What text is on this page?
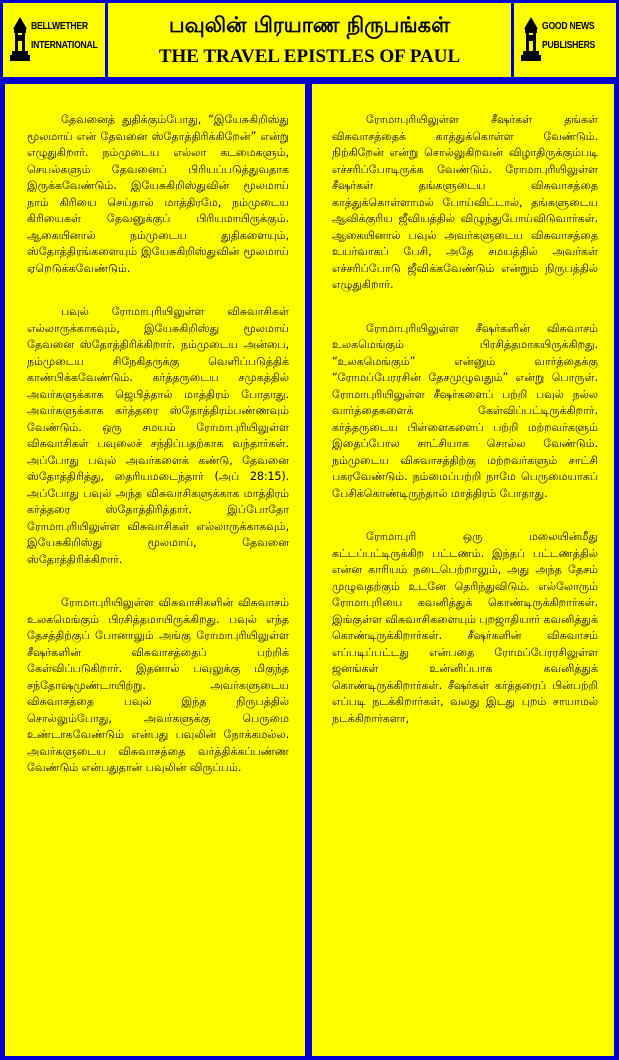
BELLWETHER
INTERNATIONAL
பவுலின் பிரயாண நிருபங்கள்
THE TRAVEL EPISTLES OF PAUL
GOOD NEWS
PUBLISHERS

தேவனைத் துதிக்கும்போது, “இயேசுகிறிஸ்து மூலமாய் என் தேவனை ஸ்தோத்திரிக்கிறேன்” என்று எழுதுகிறார். நம்முடைய எல்லா கடமைகளும், செயல்களும் தேவனைப் பிரியப்படுத்துவதாக இருக்கவேண்டும். இயேசுகிறிஸ்துவின் மூலமாய் நாம் கிரியை செய்தால் மாத்திரமே, நம்முடைய கிரியைகள் தேவனுக்குப் பிரியமாயிருக்கும். ஆகையினால் நம்முடைய துதிகளையும், ஸ்தோத்திரங்களையும் இயேசுகிறிஸ்துவின் மூலமாய் ஏறெடுக்கவேண்டும்.

பவுல் ரோமாபுரியிலுள்ள விசுவாசிகள் எல்லாருக்காகவும், இயேசுகிறிஸ்து மூலமாய் தேவனை ஸ்தோத்திரிக்கிறார். நம்முடைய அன்பை, நம்முடைய சிநேகிதருக்கு வெளிப்படுத்திக் காண்பிக்கவேண்டும். கர்த்தருடைய சமுகத்தில் அவர்களுக்காக ஜெபித்தால் மாத்திரம் போதாது. அவர்களுக்காக கர்த்தரை ஸ்தோத்திரம்பண்ணவும் வேண்டும். ஒரு சமயம் ரோமாபுரியிலுள்ள விசுவாசிகள் பவுலைச் சந்திப்பதற்காக வந்தார்கள். அப்போது பவுல் அவர்களைக் கண்டு, தேவனை ஸ்தோத்திரித்து, தைரியமடைந்தார் (அப் 28:15). அப்போது பவுல் அந்த விசுவாசிகளுக்காக மாத்திரம் கர்த்தரை ஸ்தோத்திரித்தார். இப்போதோ ரோமாபுரியிலுள்ள விசுவாசிகள் எல்லாருக்காகவும், இயேசுகிறிஸ்து மூலமாய், தேவனை ஸ்தோத்திரிக்கிறார்.

ரோமாபுரியிலுள்ள விசுவாசிகளின் விசுவாசம் உலகமெங்கும் பிரசித்தமாயிருக்கிறது. பவுல் எந்த தேசத்திற்குப் போனாலும் அங்கு ரோமாபுரியிலுள்ள சீஷர்களின் விசுவாசத்தைப் பற்றிக் கேள்விப்படுகிறார். இதனால் பவுலுக்கு மிகுந்த சந்தோஷமுண்டாயிற்று. அவர்களுடைய விசுவாசத்தை பவுல் இந்த நிருபத்தில் சொல்லும்போது, அவர்களுக்கு பெருமை உண்டாகவேண்டும் என்பது பவுலின் நோக்கமல்ல. அவர்களுடைய விசுவாசத்தை வர்த்திக்கப்பண்ண வேண்டும் என்பதுதான் பவுலின் விருப்பம்.

ரோமாபுரியிலுள்ள சீஷர்கள் தங்கள் விசுவாசத்தைக் காத்துக்கொள்ள வேண்டும். நிற்கிறேன் என்று சொல்லுகிறவன் விழாதிருக்கும்படி எச்சரிப்போடிருக்க வேண்டும். ரோமாபுரியிலுள்ள சீஷர்கள் தங்களுடைய விசுவாசத்தை காத்துக்கொள்ளாமல் போய்விட்டால், தங்களுடைய ஆவிக்குரிய ஜீவியத்தில் விழுந்துபோய்விடுவார்கள். ஆகையினால் பவுல் அவர்களுடைய விசுவாசத்தை உயர்வாகப் பேசி, அதே சமயத்தில் அவர்கள் எச்சரிப்போடு ஜீவிக்கவேண்டும் என்றும் நிருபத்தில் எழுதுகிறார்.

ரோமாபுரியிலுள்ள சீஷர்களின் விசுவாசம் உலகமெங்கும் பிரசித்தமாகயிருக்கிறது. “உலகமெங்கும்” என்னும் வார்த்தைக்கு “ரோமப்பேரரசின் தேசமுழுவதும்” என்று பொருள். ரோமாபுரியிலுள்ள சீஷர்களைப் பற்றி பவுல் நல்ல வார்த்தைகளைக் கேள்விப்பட்டிருக்கிறார். கர்த்தருடைய பிள்ளைகளைப் பற்றி மற்றவர்களும் இதைப்போல சாட்சியாக சொல்ல வேண்டும். நம்முடைய விசுவாசத்திற்கு மற்றவர்களும் சாட்சி பகரவேண்டும். நம்மைப்பற்றி நாமே பெருமையாகப் பேசிக்கொண்டிருந்தால் மாத்திரம் போதாது.

ரோமாபுரி ஒரு மலையின்மீது கட்டப்பட்டிருக்கிற பட்டணம். இந்தப் பட்டணத்தில் என்ன காரியம் நடைபெற்றாலும், அது அந்த தேசம் முழுவதற்கும் உடனே தெரிந்துவிடும். எல்லோரும் ரோமாபுரியை கவனித்துக் கொண்டிருக்கிறார்கள். இங்குள்ள விசுவாசிகளையும் புறஜாதியார் கவனித்துக் கொண்டிருக்கிறார்கள். சீஷர்களின் விசுவாசம் எப்படிப்பட்டது என்பதை ரோமப்பேரரசிலுள்ள ஜனங்கள் உன்னிப்பாக கவனித்துக் கொண்டிருக்கிறார்கள். சீஷர்கள் கர்த்தரைப் பின்பற்றி எப்படி நடக்கிறார்கள், வலது இடது புறம் சாயாமல் நடக்கிறார்களா,
